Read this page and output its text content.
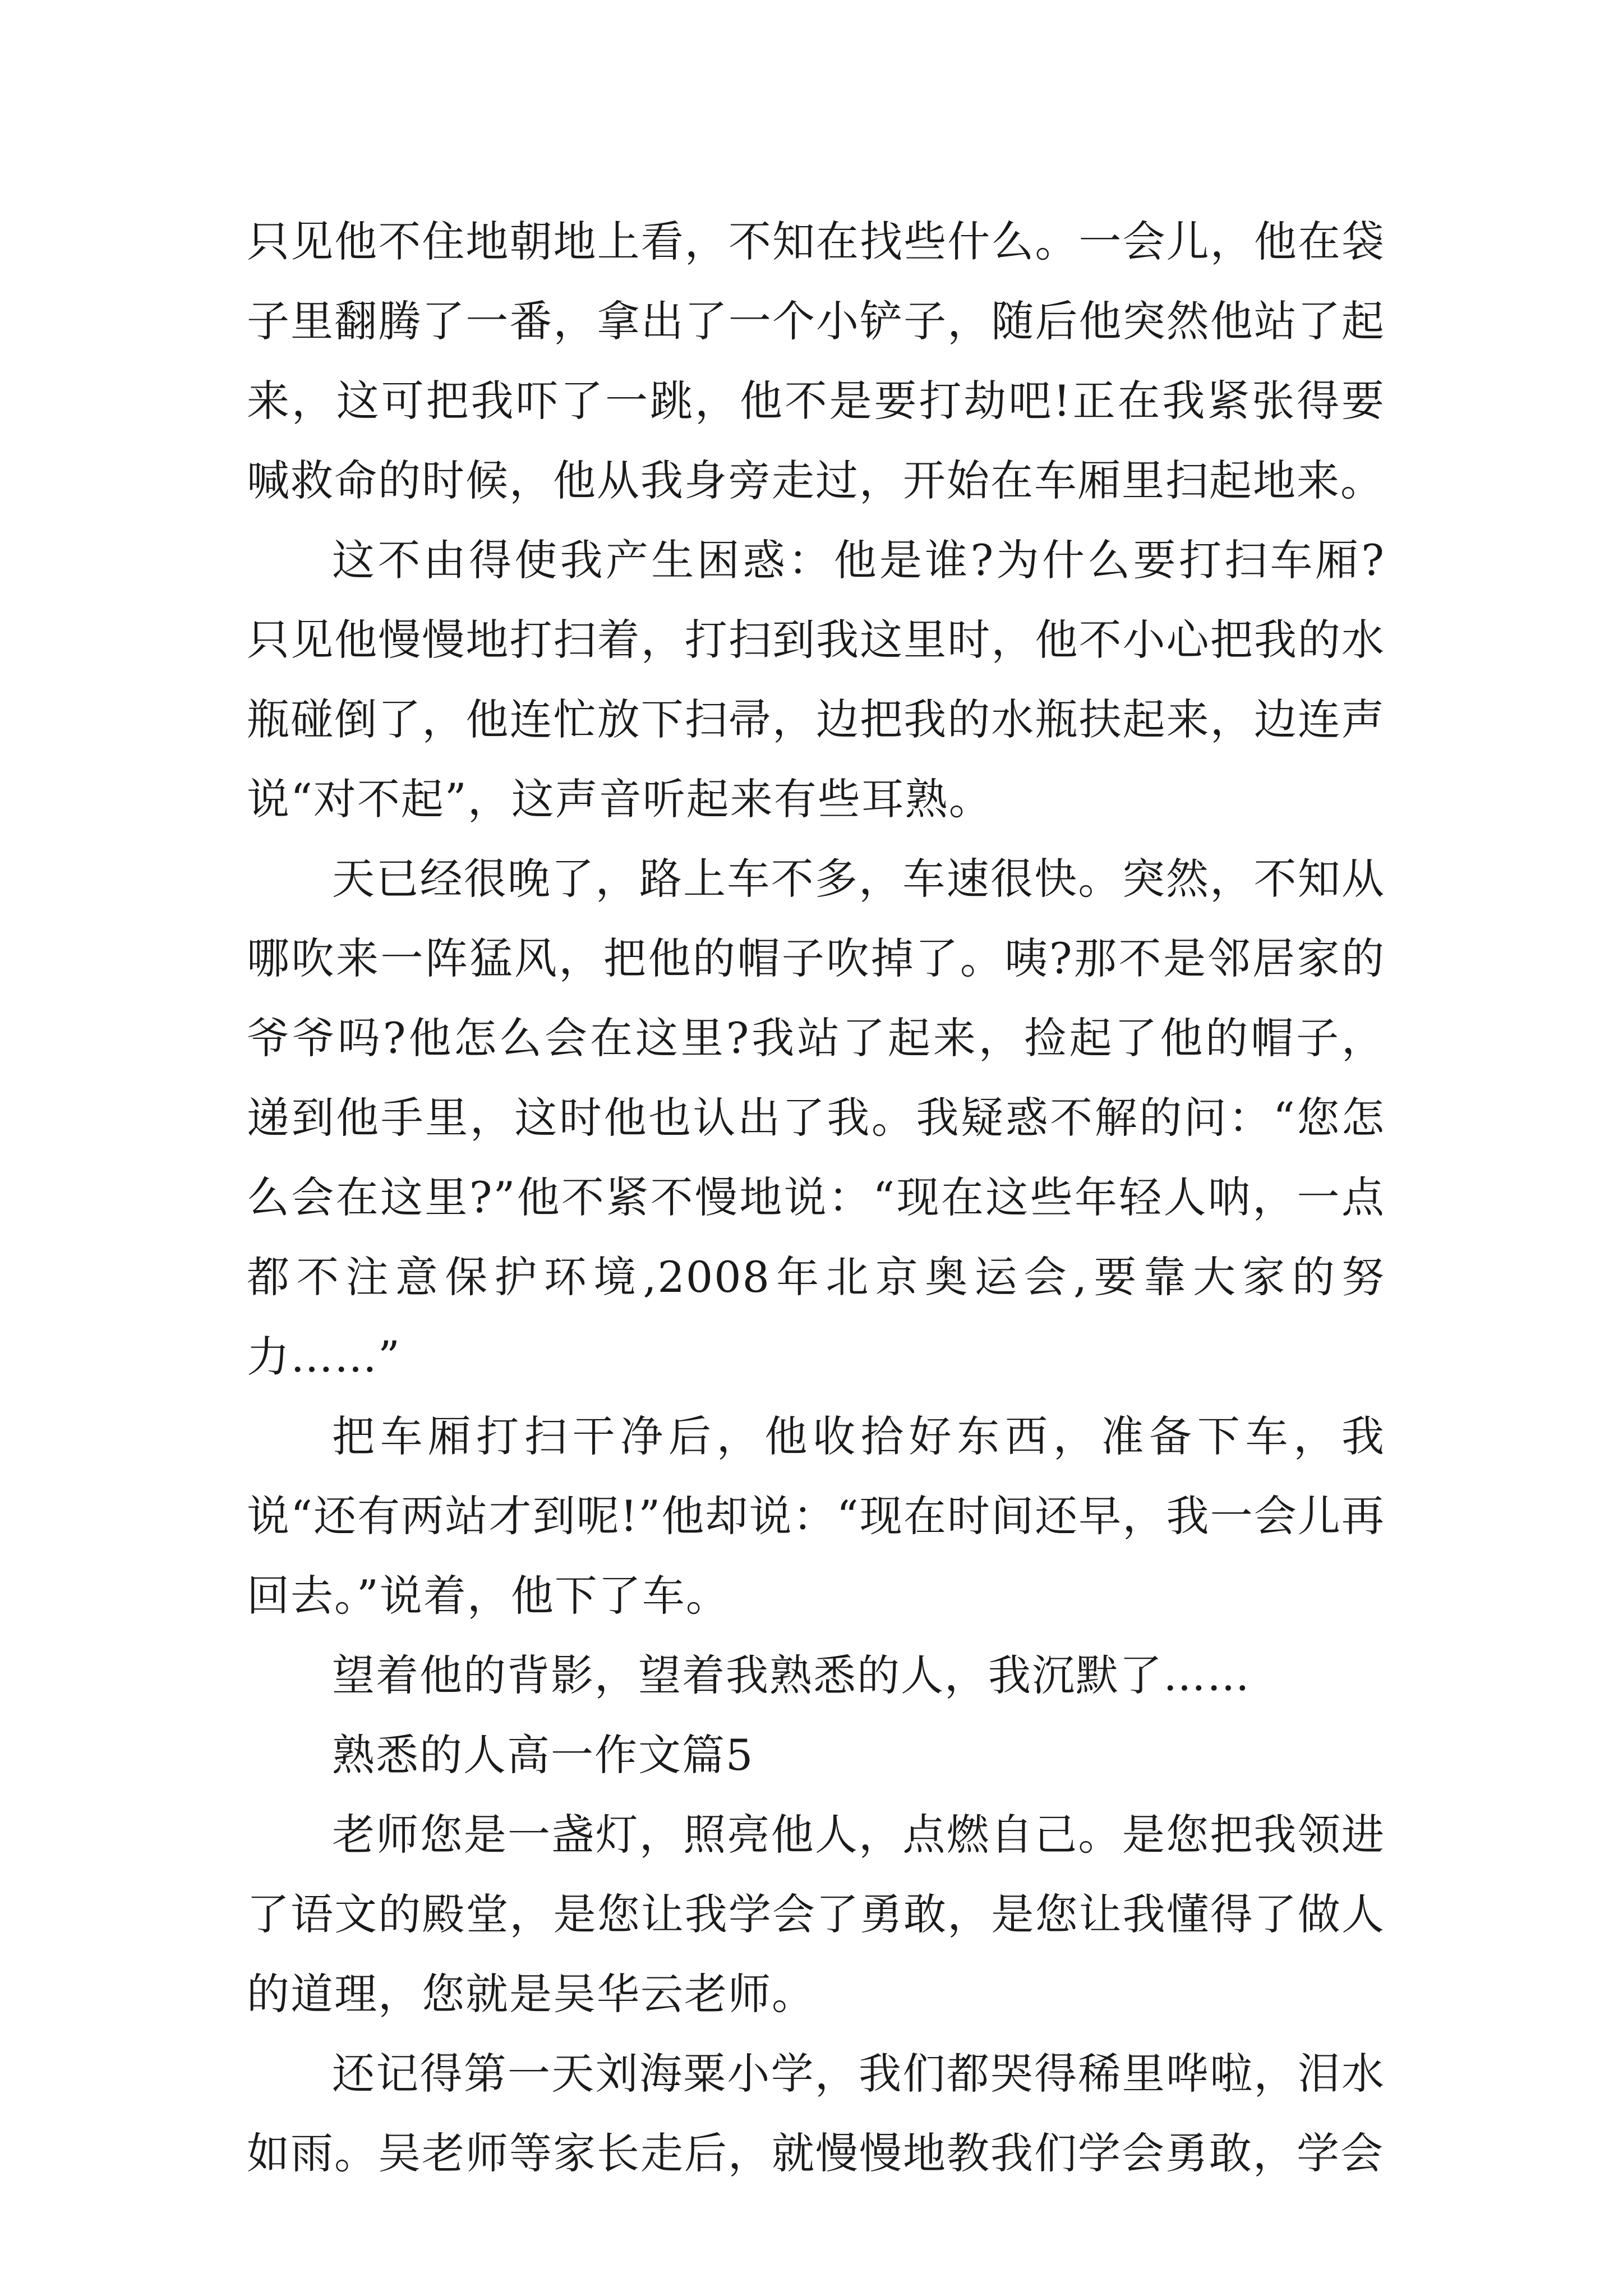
只见他不住地朝地上看，不知在找些什么。一会儿，他在袋子里翻腾了一番，拿出了一个小铲子，随后他突然他站了起来，这可把我吓了一跳，他不是要打劫吧!正在我紧张得要喊救命的时候，他从我身旁走过，开始在车厢里扫起地来。

这不由得使我产生困惑：他是谁?为什么要打扫车厢?只见他慢慢地打扫着，打扫到我这里时，他不小心把我的水瓶碰倒了，他连忙放下扫帚，边把我的水瓶扶起来，边连声说“对不起”，这声音听起来有些耳熟。

天已经很晚了，路上车不多，车速很快。突然，不知从哪吹来一阵猛风，把他的帽子吹掉了。咦?那不是邻居家的爷爷吗?他怎么会在这里?我站了起来，捡起了他的帽子，递到他手里，这时他也认出了我。我疑惑不解的问：“您怎么会在这里?”他不紧不慢地说：“现在这些年轻人呐，一点都不注意保护环境,2008年北京奥运会,要靠大家的努力……”

把车厢打扫干净后，他收拾好东西，准备下车，我说“还有两站才到呢!”他却说：“现在时间还早，我一会儿再回去。”说着，他下了车。

望着他的背影，望着我熟悉的人，我沉默了……

熟悉的人高一作文篇5

老师您是一盏灯，照亮他人，点燃自己。是您把我领进了语文的殿堂，是您让我学会了勇敢，是您让我懂得了做人的道理，您就是吴华云老师。

还记得第一天刘海粟小学，我们都哭得稀里哗啦，泪水如雨。吴老师等家长走后，就慢慢地教我们学会勇敢，学会
